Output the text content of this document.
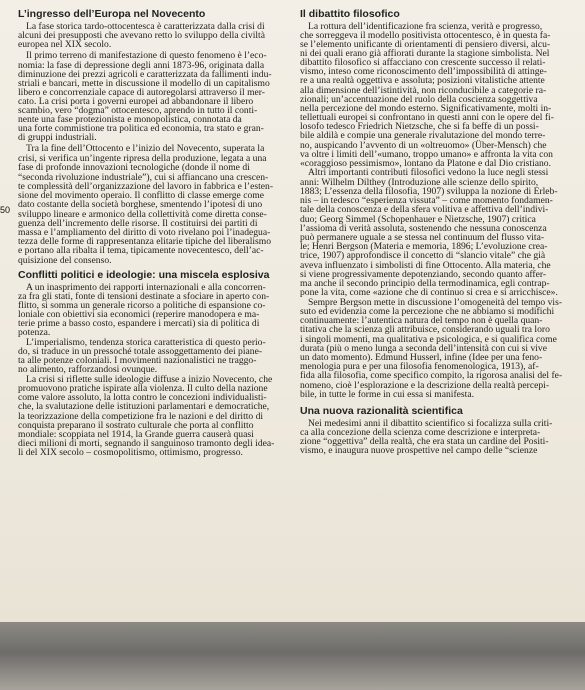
L’ingresso dell’Europa nel Novecento
La fase storica tardo-ottocentesca è caratterizzata dalla crisi di
alcuni dei presupposti che avevano retto lo sviluppo della civiltà
europea nel XIX secolo.
Il primo terreno di manifestazione di questo fenomeno è l’eco-
nomia: la fase di depressione degli anni 1873-96, originata dalla
diminuzione dei prezzi agricoli e caratterizzata da fallimenti indu-
striali e bancari, mette in discussione il modello di un capitalismo
libero e concorrenziale capace di autoregolarsi attraverso il mer-
cato. La crisi porta i governi europei ad abbandonare il libero
scambio, vero “dogma” ottocentesco, aprendo in tutto il conti-
nente una fase protezionista e monopolistica, connotata da
una forte commistione tra politica ed economia, tra stato e gran-
di gruppi industriali.
Tra la fine dell’Ottocento e l’inizio del Novecento, superata la
crisi, si verifica un’ingente ripresa della produzione, legata a una
fase di profonde innovazioni tecnologiche (donde il nome di
“seconda rivoluzione industriale”), cui si affiancano una crescen-
te complessità dell’organizzazione del lavoro in fabbrica e l’esten-
sione del movimento operaio. Il conflitto di classe emerge come
dato costante della società borghese, smentendo l’ipotesi di uno
sviluppo lineare e armonico della collettività come diretta conse-
guenza dell’incremento delle risorse. Il costituirsi dei partiti di
massa e l’ampliamento del diritto di voto rivelano poi l’inadegua-
tezza delle forme di rappresentanza elitarie tipiche del liberalismo
e portano alla ribalta il tema, tipicamente novecentesco, dell’ac-
quisizione del consenso.
Conflitti politici e ideologie: una miscela esplosiva
A un inasprimento dei rapporti internazionali e alla concorren-
za fra gli stati, fonte di tensioni destinate a sfociare in aperto con-
flitto, si somma un generale ricorso a politiche di espansione co-
loniale con obiettivi sia economici (reperire manodopera e ma-
terie prime a basso costo, espandere i mercati) sia di politica di
potenza.
L’imperialismo, tendenza storica caratteristica di questo perio-
do, si traduce in un pressoché totale assoggettamento dei piane-
ta alle potenze coloniali. I movimenti nazionalistici ne traggo-
no alimento, rafforzandosi ovunque.
La crisi si riflette sulle ideologie diffuse a inizio Novecento, che
promuovono pratiche ispirate alla violenza. Il culto della nazione
come valore assoluto, la lotta contro le concezioni individualisti-
che, la svalutazione delle istituzioni parlamentari e democratiche,
la teorizzazione della competizione fra le nazioni e del diritto di
conquista preparano il sostrato culturale che porta al conflitto
mondiale: scoppiata nel 1914, la Grande guerra causerà quasi
dieci milioni di morti, segnando il sanguinoso tramonto degli idea-
li del XIX secolo – cosmopolitismo, ottimismo, progresso.
Il dibattito filosofico
La rottura dell’identificazione fra scienza, verità e progresso,
che sorreggeva il modello positivista ottocentesco, è in questa fa-
se l’elemento unificante di orientamenti di pensiero diversi, alcu-
ni dei quali erano già affiorati durante la stagione simbolista. Nel
dibattito filosofico si affacciano con crescente successo il relati-
vismo, inteso come riconoscimento dell’impossibilità di attinge-
re a una realtà oggettiva e assoluta; posizioni vitalistiche attente
alla dimensione dell’istintività, non riconducibile a categorie ra-
zionali; un’accentuazione del ruolo della coscienza soggettiva
nella percezione del mondo esterno. Significativamente, molti in-
tellettuali europei si confrontano in questi anni con le opere del fi-
losofo tedesco Friedrich Nietzsche, che si fa beffe di un possi-
bile aldilà e compie una generale rivalutazione del mondo terre-
no, auspicando l’avvento di un «oltreuomo» (Über-Mensch) che
va oltre i limiti dell’«umano, troppo umano» e affronta la vita con
«coraggioso pessimismo», lontano da Platone e dal Dio cristiano.
Altri importanti contributi filosofici vedono la luce negli stessi
anni: Wilhelm Dilthey (Introduzione alle scienze dello spirito,
1883; L’essenza della filosofia, 1907) sviluppa la nozione di Erleb-
nis – in tedesco “esperienza vissuta” – come momento fondamen-
tale della conoscenza e della sfera volitiva e affettiva dell’indivi-
duo; Georg Simmel (Schopenhauer e Nietzsche, 1907) critica
l’assioma di verità assoluta, sostenendo che nessuna conoscenza
può permanere uguale a se stessa nel continuum del flusso vita-
le; Henri Bergson (Materia e memoria, 1896; L’evoluzione crea-
trice, 1907) approfondisce il concetto di “slancio vitale” che già
aveva influenzato i simbolisti di fine Ottocento. Alla materia, che
si viene progressivamente depotenziando, secondo quanto affer-
ma anche il secondo principio della termodinamica, egli contrap-
pone la vita, come «azione che di continuo si crea e si arricchisce».
Sempre Bergson mette in discussione l’omogeneità del tempo vis-
suto ed evidenzia come la percezione che ne abbiamo si modifichi
continuamente: l’autentica natura del tempo non è quella quan-
titativa che la scienza gli attribuisce, considerando uguali tra loro
i singoli momenti, ma qualitativa e psicologica, e si qualifica come
durata (più o meno lunga a seconda dell’intensità con cui si vive
un dato momento). Edmund Husserl, infine (Idee per una feno-
menologia pura e per una filosofia fenomenologica, 1913), af-
fida alla filosofia, come specifico compito, la rigorosa analisi del fe-
nomeno, cioè l’esplorazione e la descrizione della realtà percepi-
bile, in tutte le forme in cui essa si manifesta.
Una nuova razionalità scientifica
Nei medesimi anni il dibattito scientifico si focalizza sulla criti-
ca alla concezione della scienza come descrizione e interpreta-
zione “oggettiva” della realtà, che era stata un cardine del Positi-
vismo, e inaugura nuove prospettive nel campo delle “scienze
50
